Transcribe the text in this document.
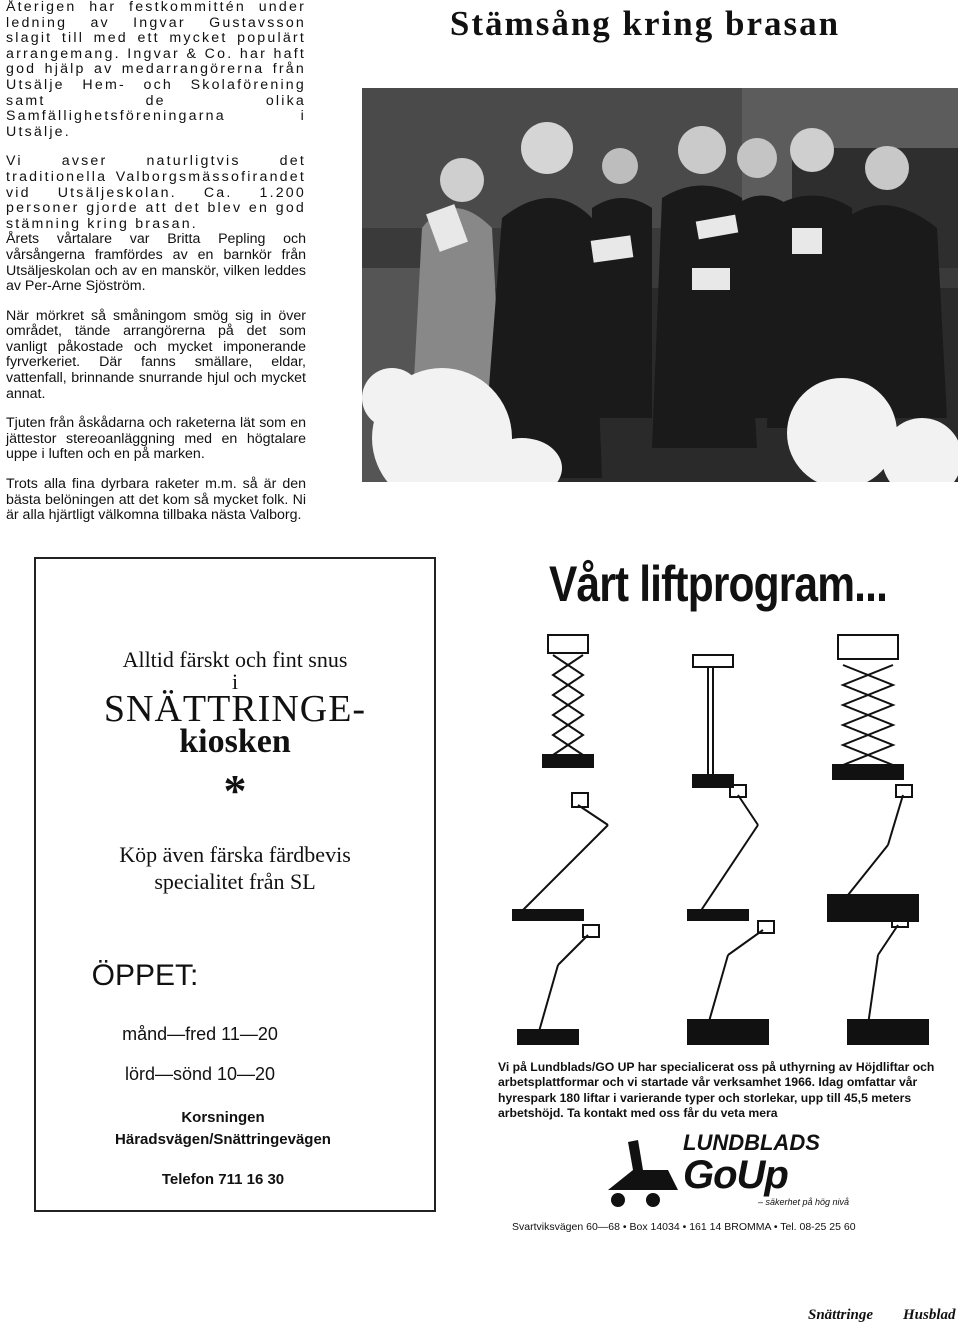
Återigen har festkommittén under ledning av Ingvar Gustavsson slagit till med ett mycket populärt arrangemang. Ingvar & Co. har haft god hjälp av medarrangörerna från Utsälje Hem- och Skolaförening samt de olika Samfällighetsföreningarna i Utsälje.

Vi avser naturligtvis det traditionella Valborgsmässofirandet vid Utsäljeskolan. Ca. 1.200 personer gjorde att det blev en god stämning kring brasan.

Årets vårtalare var Britta Pepling och vårsångerna framfördes av en barnkör från Utsäljeskolan och av en manskör, vilken leddes av Per-Arne Sjöström.

När mörkret så småningom smög sig in över området, tände arrangörerna på det som vanligt påkostade och mycket imponerande fyrverkeriet. Där fanns smällare, eldar, vattenfall, brinnande snurrande hjul och mycket annat.

Tjuten från åskådarna och raketerna lät som en jättestor stereoanläggning med en högtalare uppe i luften och en på marken.

Trots alla fina dyrbara raketer m.m. så är den bästa belöningen att det kom så mycket folk. Ni är alla hjärtligt välkomna tillbaka nästa Valborg.

Stämsång kring brasan
Alltid färskt och fint snus
i
SNÄTTRINGE-
kiosken
*
Köp även färska färdbevis
specialitet från SL
ÖPPET:
månd—fred 11—20
lörd—sönd 10—20
Korsningen
Häradsvägen/Snättringevägen
Telefon 711 16 30
Vårt liftprogram...
Vi på Lundblads/GO UP har specialicerat oss på uthyrning av Höjdliftar och arbetsplattformar och vi startade vår verksamhet 1966. Idag omfattar vår hyrespark 180 liftar i varierande typer och storlekar, upp till 45,5 meters arbetshöjd. Ta kontakt med oss får du veta mera
LUNDBLADS
GoUp
– säkerhet på hög nivå
Svartviksvägen 60—68 • Box 14034 • 161 14 BROMMA • Tel. 08-25 25 60
Snättringe Husblad
